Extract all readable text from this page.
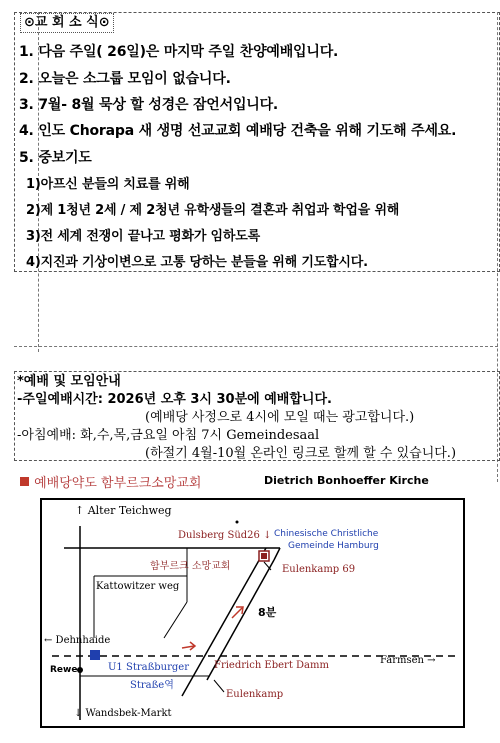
⊙교 회 소 식⊙
1. 다음 주일( 26일)은 마지막 주일 찬양예배입니다.
2. 오늘은 소그룹 모임이 없습니다.
3. 7월- 8월 묵상 할 성경은 잠언서입니다.
4. 인도 Chorapa 새 생명 선교교회 예배당 건축을 위해 기도해 주세요.
5. 중보기도
1)아프신 분들의 치료를 위해
2)제 1청년 2세 / 제 2청년 유학생들의 결혼과 취업과 학업을 위해
3)전 세계 전쟁이 끝나고 평화가 임하도록
4)지진과 기상이변으로 고통 당하는 분들을 위해 기도합시다.
*예배 및 모임안내
-주일예배시간: 2026년 오후 3시 30분에 예배합니다.
(예배당 사정으로 4시에 모일 때는 광고합니다.)
-아침예배: 화,수,목,금요일 아침 7시 Gemeindesaal
(하절기 4월-10월 온라인 링크로 할께 할 수 있습니다.)
예배당약도 함부르크소망교회	Dietrich Bonhoeffer Kirche
↑ Alter Teichweg
Dulsberg Süd26 ↓ Chinesische Christliche
Gemeinde Hamburg
함부르크 소망교회	Eulenkamp 69
Kattowitzer weg
8분
← Dehnhaide
Farmsen →
Rewe	U1 Straßburger
Straße역
Friedrich Ebert Damm
Eulenkamp
↓ Wandsbek-Markt
